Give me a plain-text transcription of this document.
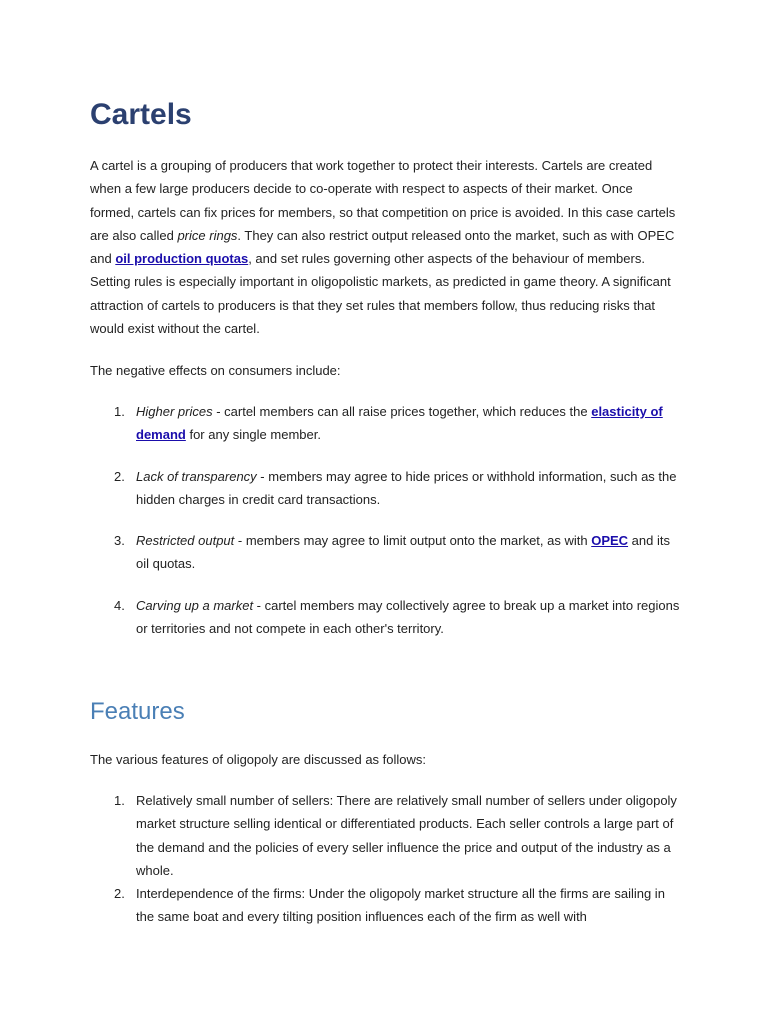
Cartels

A cartel is a grouping of producers that work together to protect their interests. Cartels are created when a few large producers decide to co-operate with respect to aspects of their market. Once formed, cartels can fix prices for members, so that competition on price is avoided. In this case cartels are also called price rings. They can also restrict output released onto the market, such as with OPEC and oil production quotas, and set rules governing other aspects of the behaviour of members. Setting rules is especially important in oligopolistic markets, as predicted in game theory. A significant attraction of cartels to producers is that they set rules that members follow, thus reducing risks that would exist without the cartel.

The negative effects on consumers include:

1. Higher prices - cartel members can all raise prices together, which reduces the elasticity of demand for any single member.
2. Lack of transparency - members may agree to hide prices or withhold information, such as the hidden charges in credit card transactions.
3. Restricted output - members may agree to limit output onto the market, as with OPEC and its oil quotas.
4. Carving up a market - cartel members may collectively agree to break up a market into regions or territories and not compete in each other's territory.
Features

The various features of oligopoly are discussed as follows:

1. Relatively small number of sellers: There are relatively small number of sellers under oligopoly market structure selling identical or differentiated products. Each seller controls a large part of the demand and the policies of every seller influence the price and output of the industry as a whole.
2. Interdependence of the firms: Under the oligopoly market structure all the firms are sailing in the same boat and every tilting position influences each of the firm as well with
